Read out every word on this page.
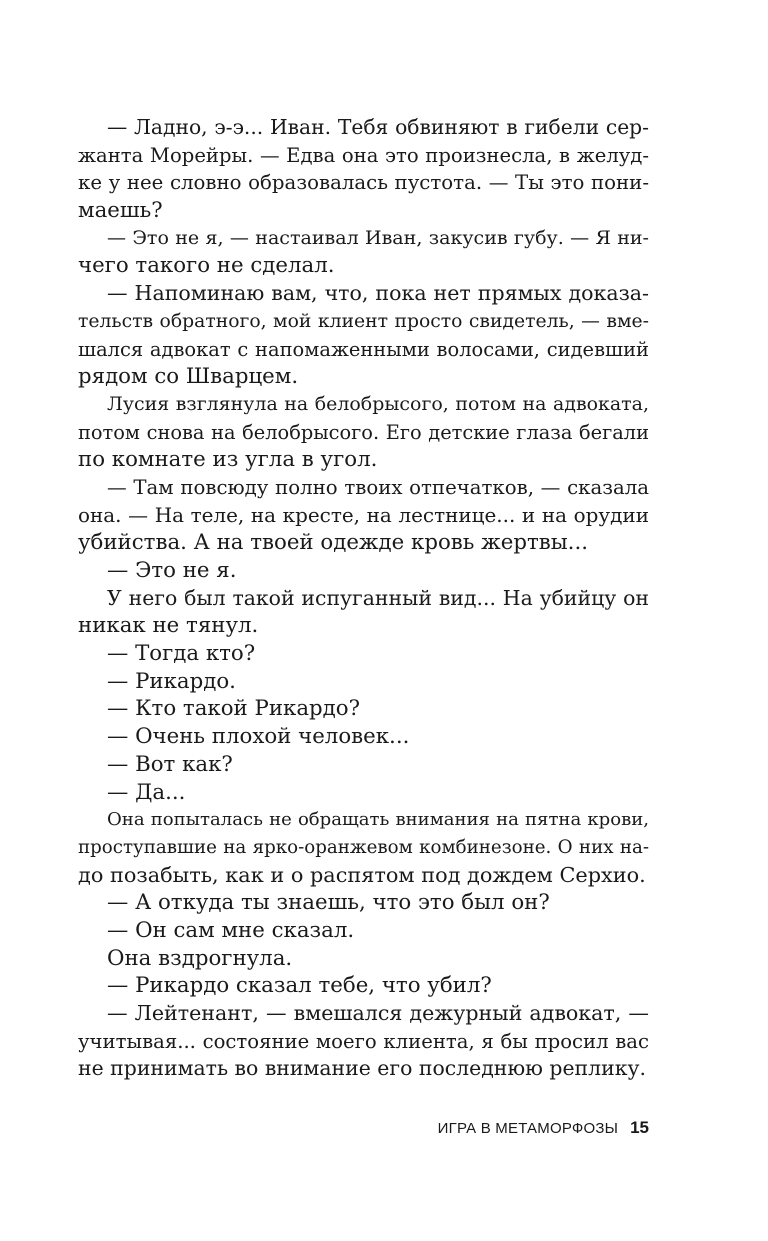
— Ладно, э-э... Иван. Тебя обвиняют в гибели сер-
жанта Морейры. — Едва она это произнесла, в желуд-
ке у нее словно образовалась пустота. — Ты это пони-
маешь?
— Это не я, — настаивал Иван, закусив губу. — Я ни-
чего такого не сделал.
— Напоминаю вам, что, пока нет прямых доказа-
тельств обратного, мой клиент просто свидетель, — вме-
шался адвокат с напомаженными волосами, сидевший
рядом со Шварцем.
Лусия взглянула на белобрысого, потом на адвоката,
потом снова на белобрысого. Его детские глаза бегали
по комнате из угла в угол.
— Там повсюду полно твоих отпечатков, — сказала
она. — На теле, на кресте, на лестнице... и на орудии
убийства. А на твоей одежде кровь жертвы...
— Это не я.
У него был такой испуганный вид... На убийцу он
никак не тянул.
— Тогда кто?
— Рикардо.
— Кто такой Рикардо?
— Очень плохой человек...
— Вот как?
— Да...
Она попыталась не обращать внимания на пятна крови,
проступавшие на ярко-оранжевом комбинезоне. О них на-
до позабыть, как и о распятом под дождем Серхио.
— А откуда ты знаешь, что это был он?
— Он сам мне сказал.
Она вздрогнула.
— Рикардо сказал тебе, что убил?
— Лейтенант, — вмешался дежурный адвокат, —
учитывая... состояние моего клиента, я бы просил вас
не принимать во внимание его последнюю реплику.
ИГРА В МЕТАМОРФОЗЫ 15
